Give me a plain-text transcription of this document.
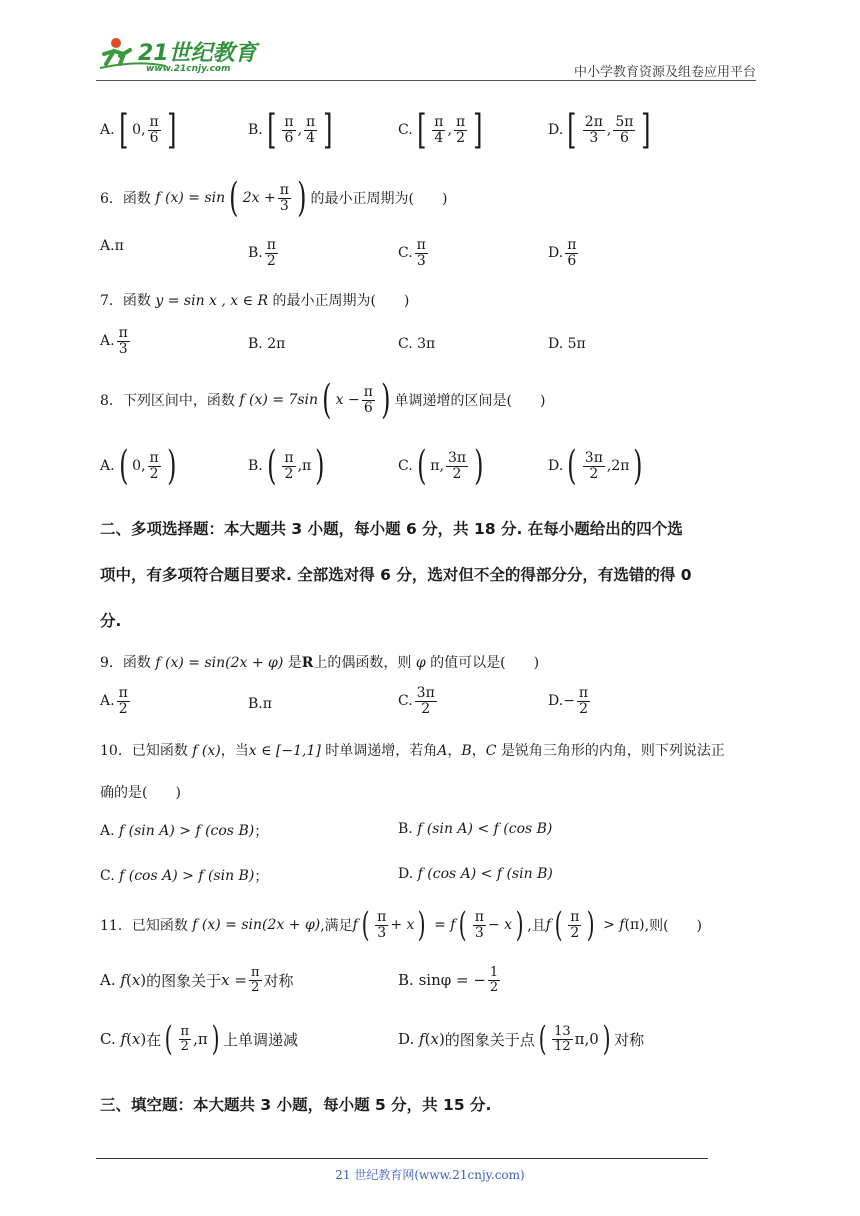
21世纪教育
www.21cnjy.com	中小学教育资源及组卷应用平台
A. [ 0, $\frac{\pi}{6}$ ]	B. [ $\frac{\pi}{6}$ , $\frac{\pi}{4}$ ]	C. [ $\frac{\pi}{4}$ , $\frac{\pi}{2}$ ]	D. [ $\frac{2\pi}{3}$ , $\frac{5\pi}{6}$ ]
6．函数
f (x) = sin ( $2x + \frac{\pi}{3}$ ) 的最小正周期为(　　)
A. π	B. $\frac{\pi}{2}$	C. $\frac{\pi}{3}$	D. $\frac{\pi}{6}$
7．函数 y = sin x , x ∈ R 的最小正周期为(　　)
A. $\frac{\pi}{3}$	B.
2π	C.
3π	D.
5π
8．下列区间中，函数
f (x) = 7sin ( $x - \frac{\pi}{6}$ ) 单调递增的区间是(　　)
A. ( 0, $\frac{\pi}{2}$ )	B. ( $\frac{\pi}{2} ,\pi$ )	C. ( π, $\frac{3\pi}{2}$ )	D. ( $\frac{3\pi}{2} ,2\pi$ )
二、多项选择题：本大题共 3 小题，每小题 6 分，共 18 分. 在每小题给出的四个选
项中，有多项符合题目要求. 全部选对得 6 分，选对但不全的得部分分，有选错的得 0
分.
9．函数 f (x) = sin(2x + φ) 是R上的偶函数，则 φ 的值可以是(　　)
A. $\frac{\pi}{2}$	B. π	C. $\frac{3\pi}{2}$	D. − $\frac{\pi}{2}$
10．已知函数 f (x)，当x ∈ [−1,1] 时单调递增，若角A，B，C 是锐角三角形的内角，则下列说法正
确的是(　　)
A.
f (sin A) > f (cos B) ；	B.
f (sin A) < f (cos B)
C.
f (cos A) > f (sin B) ；	D.
f (cos A) < f (sin B)
11．已知函数
f (x) = sin(2x + φ) ,满足 f ( $\frac{\pi}{3} + x$ )
= f ( $\frac{\pi}{3} - x$ ) ,且 f ( $\frac{\pi}{2}$ )
> f ( π ) ,则(　　)
A.
f ( x ) 的图象关于 $x = \frac{\pi}{2}$ 对称	B.
sinφ = − $\frac{1}{2}$
C.
f ( x ) 在 ( $\frac{\pi}{2} ,\pi$ ) 上单调递减	D.
f ( x ) 的图象关于点 ( $\frac{13}{12} \pi,0$ ) 对称
三、填空题：本大题共 3 小题，每小题 5 分，共 15 分.
21 世纪教育网(www.21cnjy.com)
